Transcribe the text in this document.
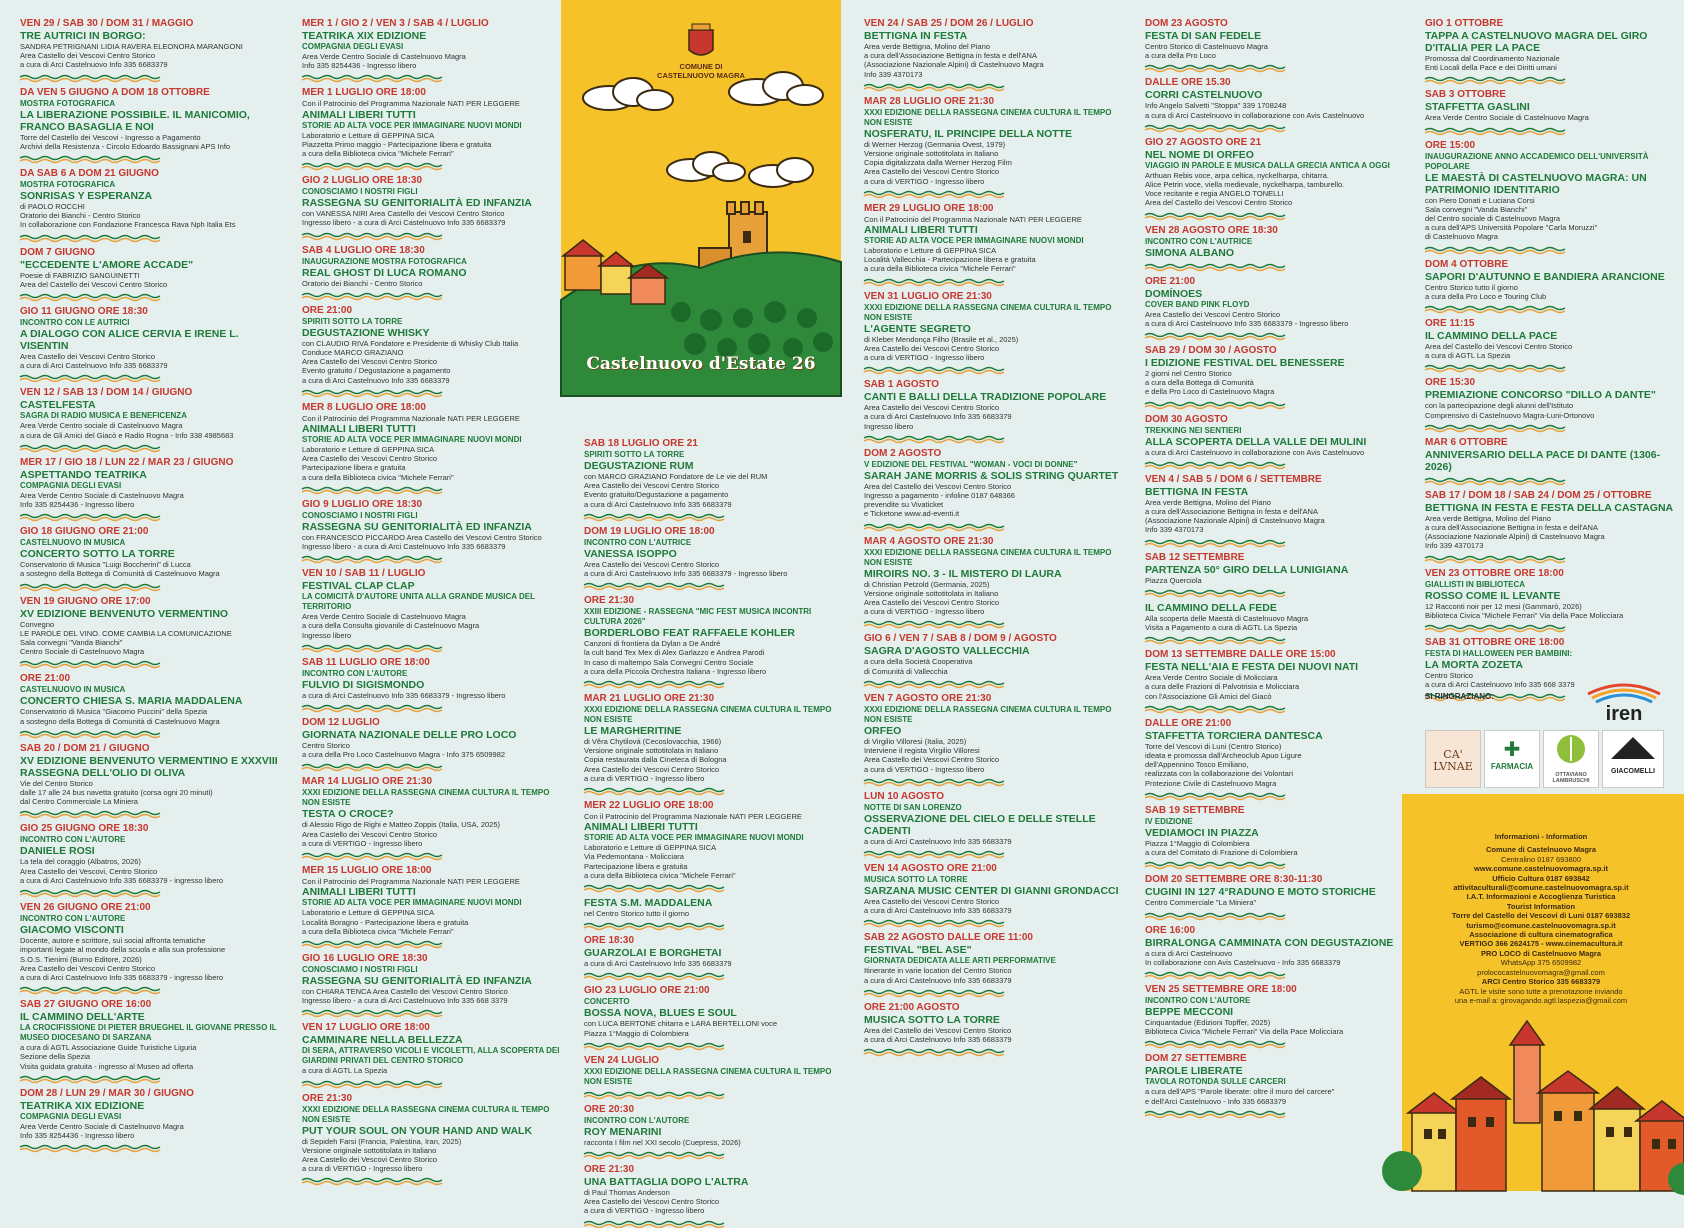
VEN 29 / SAB 30 / DOM 31 / MAGGIO
TRE AUTRICI IN BORGO:
SANDRA PETRIGNANI LIDIA RAVERA ELEONORA MARANGONI
Area Castello dei Vescovi Centro Storico
a cura di Arci Castelnuovo Info 335 6683379
DA VEN 5 GIUGNO A DOM 18 OTTOBRE
MOSTRA FOTOGRAFICA
LA LIBERAZIONE POSSIBILE. IL MANICOMIO, FRANCO BASAGLIA E NOI
Torre del Castello dei Vescovi - Ingresso a Pagamento
Archivi della Resistenza - Circolo Edoardo Bassignani APS Info
DA SAB 6 A DOM 21 GIUGNO
MOSTRA FOTOGRAFICA
SONRISAS Y ESPERANZA
di PAOLO ROCCHI
Oratorio dei Bianchi - Centro Storico
In collaborazione con Fondazione Francesca Rava Nph Italia Ets
DOM 7 GIUGNO
"ECCEDENTE L'AMORE ACCADE"
Poesie di FABRIZIO SANGUINETTI
Area del Castello dei Vescovi Centro Storico
GIO 11 GIUGNO ORE 18:30
INCONTRO CON LE AUTRICI
A DIALOGO CON ALICE CERVIA E IRENE L. VISENTIN
Area Castello dei Vescovi Centro Storico
a cura di Arci Castelnuovo Info 335 6683379
VEN 12 / SAB 13 / DOM 14 / GIUGNO
CASTELFESTA
SAGRA DI RADIO MUSICA E BENEFICENZA
Area Verde Centro sociale di Castelnuovo Magra
a cura de Gli Amici del Giacò e Radio Rogna - Info 338 4985683
MER 17 / GIO 18 / LUN 22 / MAR 23 / GIUGNO
ASPETTANDO TEATRIKA
COMPAGNIA DEGLI EVASI
Area Verde Centro Sociale di Castelnuovo Magra
Info 335 8254436 - Ingresso libero
GIO 18 GIUGNO ORE 21:00
CASTELNUOVO IN MUSICA
CONCERTO SOTTO LA TORRE
Conservatorio di Musica "Luigi Boccherini" di Lucca
a sostegno della Bottega di Comunità di Castelnuovo Magra
VEN 19 GIUGNO ORE 17:00
XV EDIZIONE BENVENUTO VERMENTINO
Convegno
LE PAROLE DEL VINO. COME CAMBIA LA COMUNICAZIONE
Sala convegni "Vanda Bianchi"
Centro Sociale di Castelnuovo Magra
ORE 21:00
CASTELNUOVO IN MUSICA
CONCERTO CHIESA S. MARIA MADDALENA
Conservatorio di Musica "Giacomo Puccini" della Spezia
a sostegno della Bottega di Comunità di Castelnuovo Magra
SAB 20 / DOM 21 / GIUGNO
XV EDIZIONE BENVENUTO VERMENTINO E XXXVIII RASSEGNA DELL'OLIO DI OLIVA
Vie del Centro Storico
dalle 17 alle 24 bus navetta gratuito (corsa ogni 20 minuti)
dal Centro Commerciale La Miniera
GIO 25 GIUGNO ORE 18:30
INCONTRO CON L'AUTORE
DANIELE ROSI
La tela del coraggio (Albatros, 2026)
Area Castello dei Vescovi, Centro Storico
a cura di Arci Castelnuovo Info 335 6683379 - ingresso libero
VEN 26 GIUGNO ORE 21:00
INCONTRO CON L'AUTORE
GIACOMO VISCONTI
Docente, autore e scrittore, sui social affronta tematiche
importanti legate al mondo della scuola e alla sua professione
S.O.S. Tienimi (Burno Editore, 2026)
Area Castello dei Vescovi Centro Storico
a cura di Arci Castelnuovo Info 335 6683379 - ingresso libero
SAB 27 GIUGNO ORE 16:00
IL CAMMINO DELL'ARTE
LA CROCIFISSIONE DI PIETER BRUEGHEL IL GIOVANE PRESSO IL MUSEO DIOCESANO DI SARZANA
a cura di AGTL Associazione Guide Turistiche Liguria
Sezione della Spezia
Visita guidata gratuita - ingresso al Museo ad offerta
DOM 28 / LUN 29 / MAR 30 / GIUGNO
TEATRIKA XIX EDIZIONE
COMPAGNIA DEGLI EVASI
Area Verde Centro Sociale di Castelnuovo Magra
Info 335 8254436 - Ingresso libero
MER 1 / GIO 2 / VEN 3 / SAB 4 / LUGLIO
TEATRIKA XIX EDIZIONE
COMPAGNIA DEGLI EVASI
Area Verde Centro Sociale di Castelnuovo Magra
Info 335 8254436 - Ingresso libero
MER 1 LUGLIO ORE 18:00
Con il Patrocinio del Programma Nazionale NATI PER LEGGERE
ANIMALI LIBERI TUTTI
STORIE AD ALTA VOCE PER IMMAGINARE NUOVI MONDI
Laboratorio e Letture di GEPPINA SICA
Piazzetta Primo maggio - Partecipazione libera e gratuita
a cura della Biblioteca civica "Michele Ferrari"
GIO 2 LUGLIO ORE 18:30
CONOSCIAMO I NOSTRI FIGLI
RASSEGNA SU GENITORIALITÀ ED INFANZIA
con VANESSA NIRI Area Castello dei Vescovi Centro Storico
Ingresso libero - a cura di Arci Castelnuovo Info 335 6683379
SAB 4 LUGLIO ORE 18:30
INAUGURAZIONE MOSTRA FOTOGRAFICA
REAL GHOST DI LUCA ROMANO
Oratorio dei Bianchi - Centro Storico
ORE 21:00
SPIRITI SOTTO LA TORRE
DEGUSTAZIONE WHISKY
con CLAUDIO RIVA Fondatore e Presidente di Whisky Club Italia
Conduce MARCO GRAZIANO
Area Castello dei Vescovi Centro Storico
Evento gratuito / Degustazione a pagamento
a cura di Arci Castelnuovo Info 335 6683379
MER 8 LUGLIO ORE 18:00
Con il Patrocinio del Programma Nazionale NATI PER LEGGERE
ANIMALI LIBERI TUTTI
STORIE AD ALTA VOCE PER IMMAGINARE NUOVI MONDI
Laboratorio e Letture di GEPPINA SICA
Area Castello dei Vescovi Centro Storico
Partecipazione libera e gratuita
a cura della Biblioteca civica "Michele Ferrari"
GIO 9 LUGLIO ORE 18:30
CONOSCIAMO I NOSTRI FIGLI
RASSEGNA SU GENITORIALITÀ ED INFANZIA
con FRANCESCO PICCARDO Area Castello dei Vescovi Centro Storico
Ingresso libero - a cura di Arci Castelnuovo Info 335 6683379
VEN 10 / SAB 11 / LUGLIO
FESTIVAL CLAP CLAP
LA COMICITÀ D'AUTORE UNITA ALLA GRANDE MUSICA DEL TERRITORIO
Area Verde Centro Sociale di Castelnuovo Magra
a cura della Consulta giovanile di Castelnuovo Magra
Ingresso libero
SAB 11 LUGLIO ORE 18:00
INCONTRO CON L'AUTORE
FULVIO DI SIGISMONDO
a cura di Arci Castelnuovo Info 335 6683379 - Ingresso libero
DOM 12 LUGLIO
GIORNATA NAZIONALE DELLE PRO LOCO
Centro Storico
a cura della Pro Loco Castelnuovo Magra - Info 375 6509982
MAR 14 LUGLIO ORE 21:30
XXXI EDIZIONE DELLA RASSEGNA CINEMA CULTURA IL TEMPO NON ESISTE
TESTA O CROCE?
di Alessio Rigo de Righi e Matteo Zoppis (Italia, USA, 2025)
Area Castello dei Vescovi Centro Storico
a cura di VERTIGO - Ingresso libero
MER 15 LUGLIO ORE 18:00
Con il Patrocinio del Programma Nazionale NATI PER LEGGERE
ANIMALI LIBERI TUTTI
STORIE AD ALTA VOCE PER IMMAGINARE NUOVI MONDI
Laboratorio e Letture di GEPPINA SICA
Località Boragno - Partecipazione libera e gratuita
a cura della Biblioteca civica "Michele Ferrari"
GIO 16 LUGLIO ORE 18:30
CONOSCIAMO I NOSTRI FIGLI
RASSEGNA SU GENITORIALITÀ ED INFANZIA
con CHIARA TENCA Area Castello dei Vescovi Centro Storico
Ingresso libero - a cura di Arci Castelnuovo Info 335 668 3379
VEN 17 LUGLIO ORE 18:00
CAMMINARE NELLA BELLEZZA
DI SERA, ATTRAVERSO VICOLI E VICOLETTI, ALLA SCOPERTA DEI GIARDINI PRIVATI DEL CENTRO STORICO
a cura di AGTL La Spezia
ORE 21:30
XXXI EDIZIONE DELLA RASSEGNA CINEMA CULTURA IL TEMPO NON ESISTE
PUT YOUR SOUL ON YOUR HAND AND WALK
di Sepideh Farsi (Francia, Palestina, Iran, 2025)
Versione originale sottotitolata in Italiano
Area Castello dei Vescovi Centro Storico
a cura di VERTIGO - Ingresso libero
SAB 18 LUGLIO ORE 21
SPIRITI SOTTO LA TORRE
DEGUSTAZIONE RUM
con MARCO GRAZIANO Fondatore de Le vie del RUM
Area Castello dei Vescovi Centro Storico
Evento gratuito/Degustazione a pagamento
a cura di Arci Castelnuovo Info 335 6683379
DOM 19 LUGLIO ORE 18:00
INCONTRO CON L'AUTRICE
VANESSA ISOPPO
Area Castello dei Vescovi Centro Storico
a cura di Arci Castelnuovo Info 335 6683379 - Ingresso libero
ORE 21:30
XXIII EDIZIONE - RASSEGNA "MIC FEST MUSICA INCONTRI CULTURA 2026"
BORDERLOBO FEAT RAFFAELE KOHLER
Canzoni di frontiera da Dylan a De André
la cult band Tex Mex di Alex Garlazzo e Andrea Parodi
In caso di maltempo Sala Convegni Centro Sociale
a cura della Piccola Orchestra Italiana - Ingresso libero
MAR 21 LUGLIO ORE 21:30
XXXI EDIZIONE DELLA RASSEGNA CINEMA CULTURA IL TEMPO NON ESISTE
LE MARGHERITINE
di Věra Chytilová (Cecoslovacchia, 1966)
Versione originale sottotitolata in Italiano
Copia restaurata dalla Cineteca di Bologna
Area Castello dei Vescovi Centro Storico
a cura di VERTIGO - Ingresso libero
MER 22 LUGLIO ORE 18:00
Con il Patrocinio del Programma Nazionale NATI PER LEGGERE
ANIMALI LIBERI TUTTI
STORIE AD ALTA VOCE PER IMMAGINARE NUOVI MONDI
Laboratorio e Letture di GEPPINA SICA
Via Pedemontana - Molicciara
Partecipazione libera e gratuita
a cura della Biblioteca civica "Michele Ferrari"
FESTA S.M. MADDALENA
nel Centro Storico tutto il giorno
ORE 18:30
GUARZOLAI E BORGHETAI
a cura di Arci Castelnuovo Info 335 6683379
GIO 23 LUGLIO ORE 21:00
CONCERTO
BOSSA NOVA, BLUES E SOUL
con LUCA BERTONE chitarra e LARA BERTELLONI voce
Piazza 1°Maggio di Colombiera
VEN 24 LUGLIO
XXXI EDIZIONE DELLA RASSEGNA CINEMA CULTURA IL TEMPO NON ESISTE
ORE 20:30
INCONTRO CON L'AUTORE
ROY MENARINI
racconta I film nel XXI secolo (Cuepress, 2026)
ORE 21:30
UNA BATTAGLIA DOPO L'ALTRA
di Paul Thomas Anderson
Area Castello dei Vescovi Centro Storico
a cura di VERTIGO - Ingresso libero
VEN 24 / SAB 25 / DOM 26 / LUGLIO
BETTIGNA IN FESTA
Area verde Bettigna, Molino del Piano
a cura dell'Associazione Bettigna in festa e dell'ANA
(Associazione Nazionale Alpini) di Castelnuovo Magra
Info 339 4370173
MAR 28 LUGLIO ORE 21:30
XXXI EDIZIONE DELLA RASSEGNA CINEMA CULTURA IL TEMPO NON ESISTE
NOSFERATU, IL PRINCIPE DELLA NOTTE
di Werner Herzog (Germania Ovest, 1979)
Versione originale sottotitolata in Italiano
Copia digitalizzata dalla Werner Herzog Film
Area Castello dei Vescovi Centro Storico
a cura di VERTIGO - Ingresso libero
MER 29 LUGLIO ORE 18:00
Con il Patrocinio del Programma Nazionale NATI PER LEGGERE
ANIMALI LIBERI TUTTI
STORIE AD ALTA VOCE PER IMMAGINARE NUOVI MONDI
Laboratorio e Letture di GEPPINA SICA
Località Vallecchia - Partecipazione libera e gratuita
a cura della Biblioteca civica "Michele Ferrari"
VEN 31 LUGLIO ORE 21:30
XXXI EDIZIONE DELLA RASSEGNA CINEMA CULTURA IL TEMPO NON ESISTE
L'AGENTE SEGRETO
di Kleber Mendonça Filho (Brasile et al., 2025)
Area Castello dei Vescovi Centro Storico
a cura di VERTIGO - Ingresso libero
SAB 1 AGOSTO
CANTI E BALLI DELLA TRADIZIONE POPOLARE
Area Castello dei Vescovi Centro Storico
a cura di Arci Castelnuovo Info 335 6683379
Ingresso libero
DOM 2 AGOSTO
V EDIZIONE DEL FESTIVAL "WOMAN - VOCI DI DONNE"
SARAH JANE MORRIS & SOLIS STRING QUARTET
Area del Castello dei Vescovi Centro Storico
Ingresso a pagamento - infoline 0187 648366
prevendite su Vivaticket
e Ticketone www.ad-eventi.it
MAR 4 AGOSTO ORE 21:30
XXXI EDIZIONE DELLA RASSEGNA CINEMA CULTURA IL TEMPO NON ESISTE
MIROIRS NO. 3 - IL MISTERO DI LAURA
di Christian Petzold (Germania, 2025)
Versione originale sottotitolata in Italiano
Area Castello dei Vescovi Centro Storico
a cura di VERTIGO - Ingresso libero
GIO 6 / VEN 7 / SAB 8 / DOM 9 / AGOSTO
SAGRA D'AGOSTO VALLECCHIA
a cura della Società Cooperativa
di Comunità di Vallecchia
VEN 7 AGOSTO ORE 21:30
XXXI EDIZIONE DELLA RASSEGNA CINEMA CULTURA IL TEMPO NON ESISTE
ORFEO
di Virgilio Villoresi (Italia, 2025)
Interviene il regista Virgilio Villoresi
Area Castello dei Vescovi Centro Storico
a cura di VERTIGO - Ingresso libero
LUN 10 AGOSTO
NOTTE DI SAN LORENZO
OSSERVAZIONE DEL CIELO E DELLE STELLE CADENTI
a cura di Arci Castelnuovo Info 335 6683379
VEN 14 AGOSTO ORE 21:00
MUSICA SOTTO LA TORRE
SARZANA MUSIC CENTER DI GIANNI GRONDACCI
Area Castello dei Vescovi Centro Storico
a cura di Arci Castelnuovo Info 335 6683379
SAB 22 AGOSTO DALLE ORE 11:00
FESTIVAL "BEL ASE"
GIORNATA DEDICATA ALLE ARTI PERFORMATIVE
Itinerante in varie location del Centro Storico
a cura di Arci Castelnuovo Info 335 6683379
ORE 21:00 AGOSTO
MUSICA SOTTO LA TORRE
Area del Castello dei Vescovi Centro Storico
a cura di Arci Castelnuovo Info 335 6683379
DOM 23 AGOSTO
FESTA DI SAN FEDELE
Centro Storico di Castelnuovo Magra
a cura della Pro Loco
DALLE ORE 15.30
CORRI CASTELNUOVO
Info Angelo Salvetti "Stoppa" 339 1708248
a cura di Arci Castelnuovo in collaborazione con Avis Castelnuovo
GIO 27 AGOSTO ORE 21
NEL NOME DI ORFEO
VIAGGIO IN PAROLE E MUSICA DALLA GRECIA ANTICA A OGGI
Arthuan Rebis voce, arpa celtica, nyckelharpa, chitarra.
Alice Petrin voce, viella medievale, nyckelharpa, tamburello.
Voce recitante e regia ANGELO TONELLI
Area del Castello dei Vescovi Centro Storico
VEN 28 AGOSTO ORE 18:30
INCONTRO CON L'AUTRICE
SIMONA ALBANO
ORE 21:00
DOMÍNOES
COVER BAND PINK FLOYD
Area Castello dei Vescovi Centro Storico
a cura di Arci Castelnuovo Info 335 6683379 - Ingresso libero
SAB 29 / DOM 30 / AGOSTO
I EDIZIONE FESTIVAL DEL BENESSERE
2 giorni nel Centro Storico
a cura della Bottega di Comunità
e della Pro Loco di Castelnuovo Magra
DOM 30 AGOSTO
TREKKING NEI SENTIERI
ALLA SCOPERTA DELLA VALLE DEI MULINI
a cura di Arci Castelnuovo in collaborazione con Avis Castelnuovo
VEN 4 / SAB 5 / DOM 6 / SETTEMBRE
BETTIGNA IN FESTA
Area verde Bettigna, Molino del Piano
a cura dell'Associazione Bettigna in festa e dell'ANA
(Associazione Nazionale Alpini) di Castelnuovo Magra
Info 339 4370173
SAB 12 SETTEMBRE
PARTENZA 50° GIRO DELLA LUNIGIANA
Piazza Querciola
IL CAMMINO DELLA FEDE
Alla scoperta delle Maestà di Castelnuovo Magra
Visita a Pagamento a cura di AGTL La Spezia
DOM 13 SETTEMBRE DALLE ORE 15:00
FESTA NELL'AIA E FESTA DEI NUOVI NATI
Area Verde Centro Sociale di Molicciara
a cura delle Frazioni di Palvotrisia e Molicciara
con l'Associazione Gli Amici del Giacò
DALLE ORE 21:00
STAFFETTA TORCIERA DANTESCA
Torre del Vescovi di Luni (Centro Storico)
ideata e promossa dall'Archeoclub Apuo Ligure
dell'Appennino Tosco Emiliano,
realizzata con la collaborazione dei Volontari
Protezione Civile di Castelnuovo Magra
SAB 19 SETTEMBRE
IV EDIZIONE
VEDIAMOCI IN PIAZZA
Piazza 1°Maggio di Colombiera
a cura del Comitato di Frazione di Colombiera
DOM 20 SETTEMBRE ORE 8:30-11:30
CUGINI IN 127 4°RADUNO E MOTO STORICHE
Centro Commerciale "La Miniera"
ORE 16:00
BIRRALONGA CAMMINATA CON DEGUSTAZIONE
a cura di Arci Castelnuovo
In collaborazione con Avis Castelnuovo - Info 335 6683379
VEN 25 SETTEMBRE ORE 18:00
INCONTRO CON L'AUTORE
BEPPE MECCONI
Cinquantadue (Edizioni Topffer, 2025)
Biblioteca Civica "Michele Ferrari" Via della Pace Molicciara
DOM 27 SETTEMBRE
PAROLE LIBERATE
TAVOLA ROTONDA SULLE CARCERI
a cura dell'APS "Parole liberate: oltre il muro del carcere"
e dell'Arci Castelnuovo - Info 335 6683379
GIO 1 OTTOBRE
TAPPA A CASTELNUOVO MAGRA DEL GIRO D'ITALIA PER LA PACE
Promossa dal Coordinamento Nazionale
Enti Locali della Pace e dei Diritti umani
SAB 3 OTTOBRE
STAFFETTA GASLINI
Area Verde Centro Sociale di Castelnuovo Magra
ORE 15:00
INAUGURAZIONE ANNO ACCADEMICO DELL'UNIVERSITÀ POPOLARE
LE MAESTÀ DI CASTELNUOVO MAGRA: UN PATRIMONIO IDENTITARIO
con Piero Donati e Luciana Corsi
Sala convegni "Vanda Bianchi"
del Centro sociale di Castelnuovo Magra
a cura dell'APS Università Popolare "Carla Moruzzi"
di Castelnuovo Magra
DOM 4 OTTOBRE
SAPORI D'AUTUNNO E BANDIERA ARANCIONE
Centro Storico tutto il giorno
a cura della Pro Loco e Touring Club
ORE 11:15
IL CAMMINO DELLA PACE
Area del Castello dei Vescovi Centro Storico
a cura di AGTL La Spezia
ORE 15:30
PREMIAZIONE CONCORSO "DILLO A DANTE"
con la partecipazione degli alunni dell'Istituto
Comprensivo di Castelnuovo Magra-Luni-Ortonovo
MAR 6 OTTOBRE
ANNIVERSARIO DELLA PACE DI DANTE (1306-2026)
SAB 17 / DOM 18 / SAB 24 / DOM 25 / OTTOBRE
BETTIGNA IN FESTA E FESTA DELLA CASTAGNA
Area verde Bettigna, Molino del Piano
a cura dell'Associazione Bettigna in festa e dell'ANA
(Associazione Nazionale Alpini) di Castelnuovo Magra
Info 339 4370173
VEN 23 OTTOBRE ORE 18:00
GIALLISTI IN BIBLIOTECA
ROSSO COME IL LEVANTE
12 Racconti noir per 12 mesi (Gammarò, 2026)
Biblioteca Civica "Michele Ferrari" Via della Pace Molicciara
SAB 31 OTTOBRE ORE 18:00
FESTA DI HALLOWEEN PER BAMBINI:
LA MORTA ZOZETA
Centro Storico
a cura di Arci Castelnuovo Info 335 668 3379
COMUNE DI CASTELNUOVO MAGRA
Castelnuovo d'Estate 26
SI RINGRAZIANO:
iren
CA' LVNAE
✚
FARMACIA
OTTAVIANO LAMBRUSCHI
GIACOMELLI
Informazioni - Information
Comune di Castelnuovo Magra
Centralino 0187 693800
www.comune.castelnuovomagra.sp.it
Ufficio Cultura 0187 693842
attivitaculturali@comune.castelnuovomagra.sp.it
I.A.T. Informazioni e Accoglienza Turistica
Tourist Information
Torre del Castello dei Vescovi di Luni 0187 693832
turismo@comune.castelnuovomagra.sp.it
Associazione di cultura cinematografica
VERTIGO 366 2624175 - www.cinemacultura.it
PRO LOCO di Castelnuovo Magra
WhatsApp 375 6509982
prolococastelnuovomagra@gmail.com
ARCI Centro Storico 335 6683379
AGTL le visite sono tutte a prenotazione inviando
una e-mail a: girovagando.agtl.laspezia@gmail.com
